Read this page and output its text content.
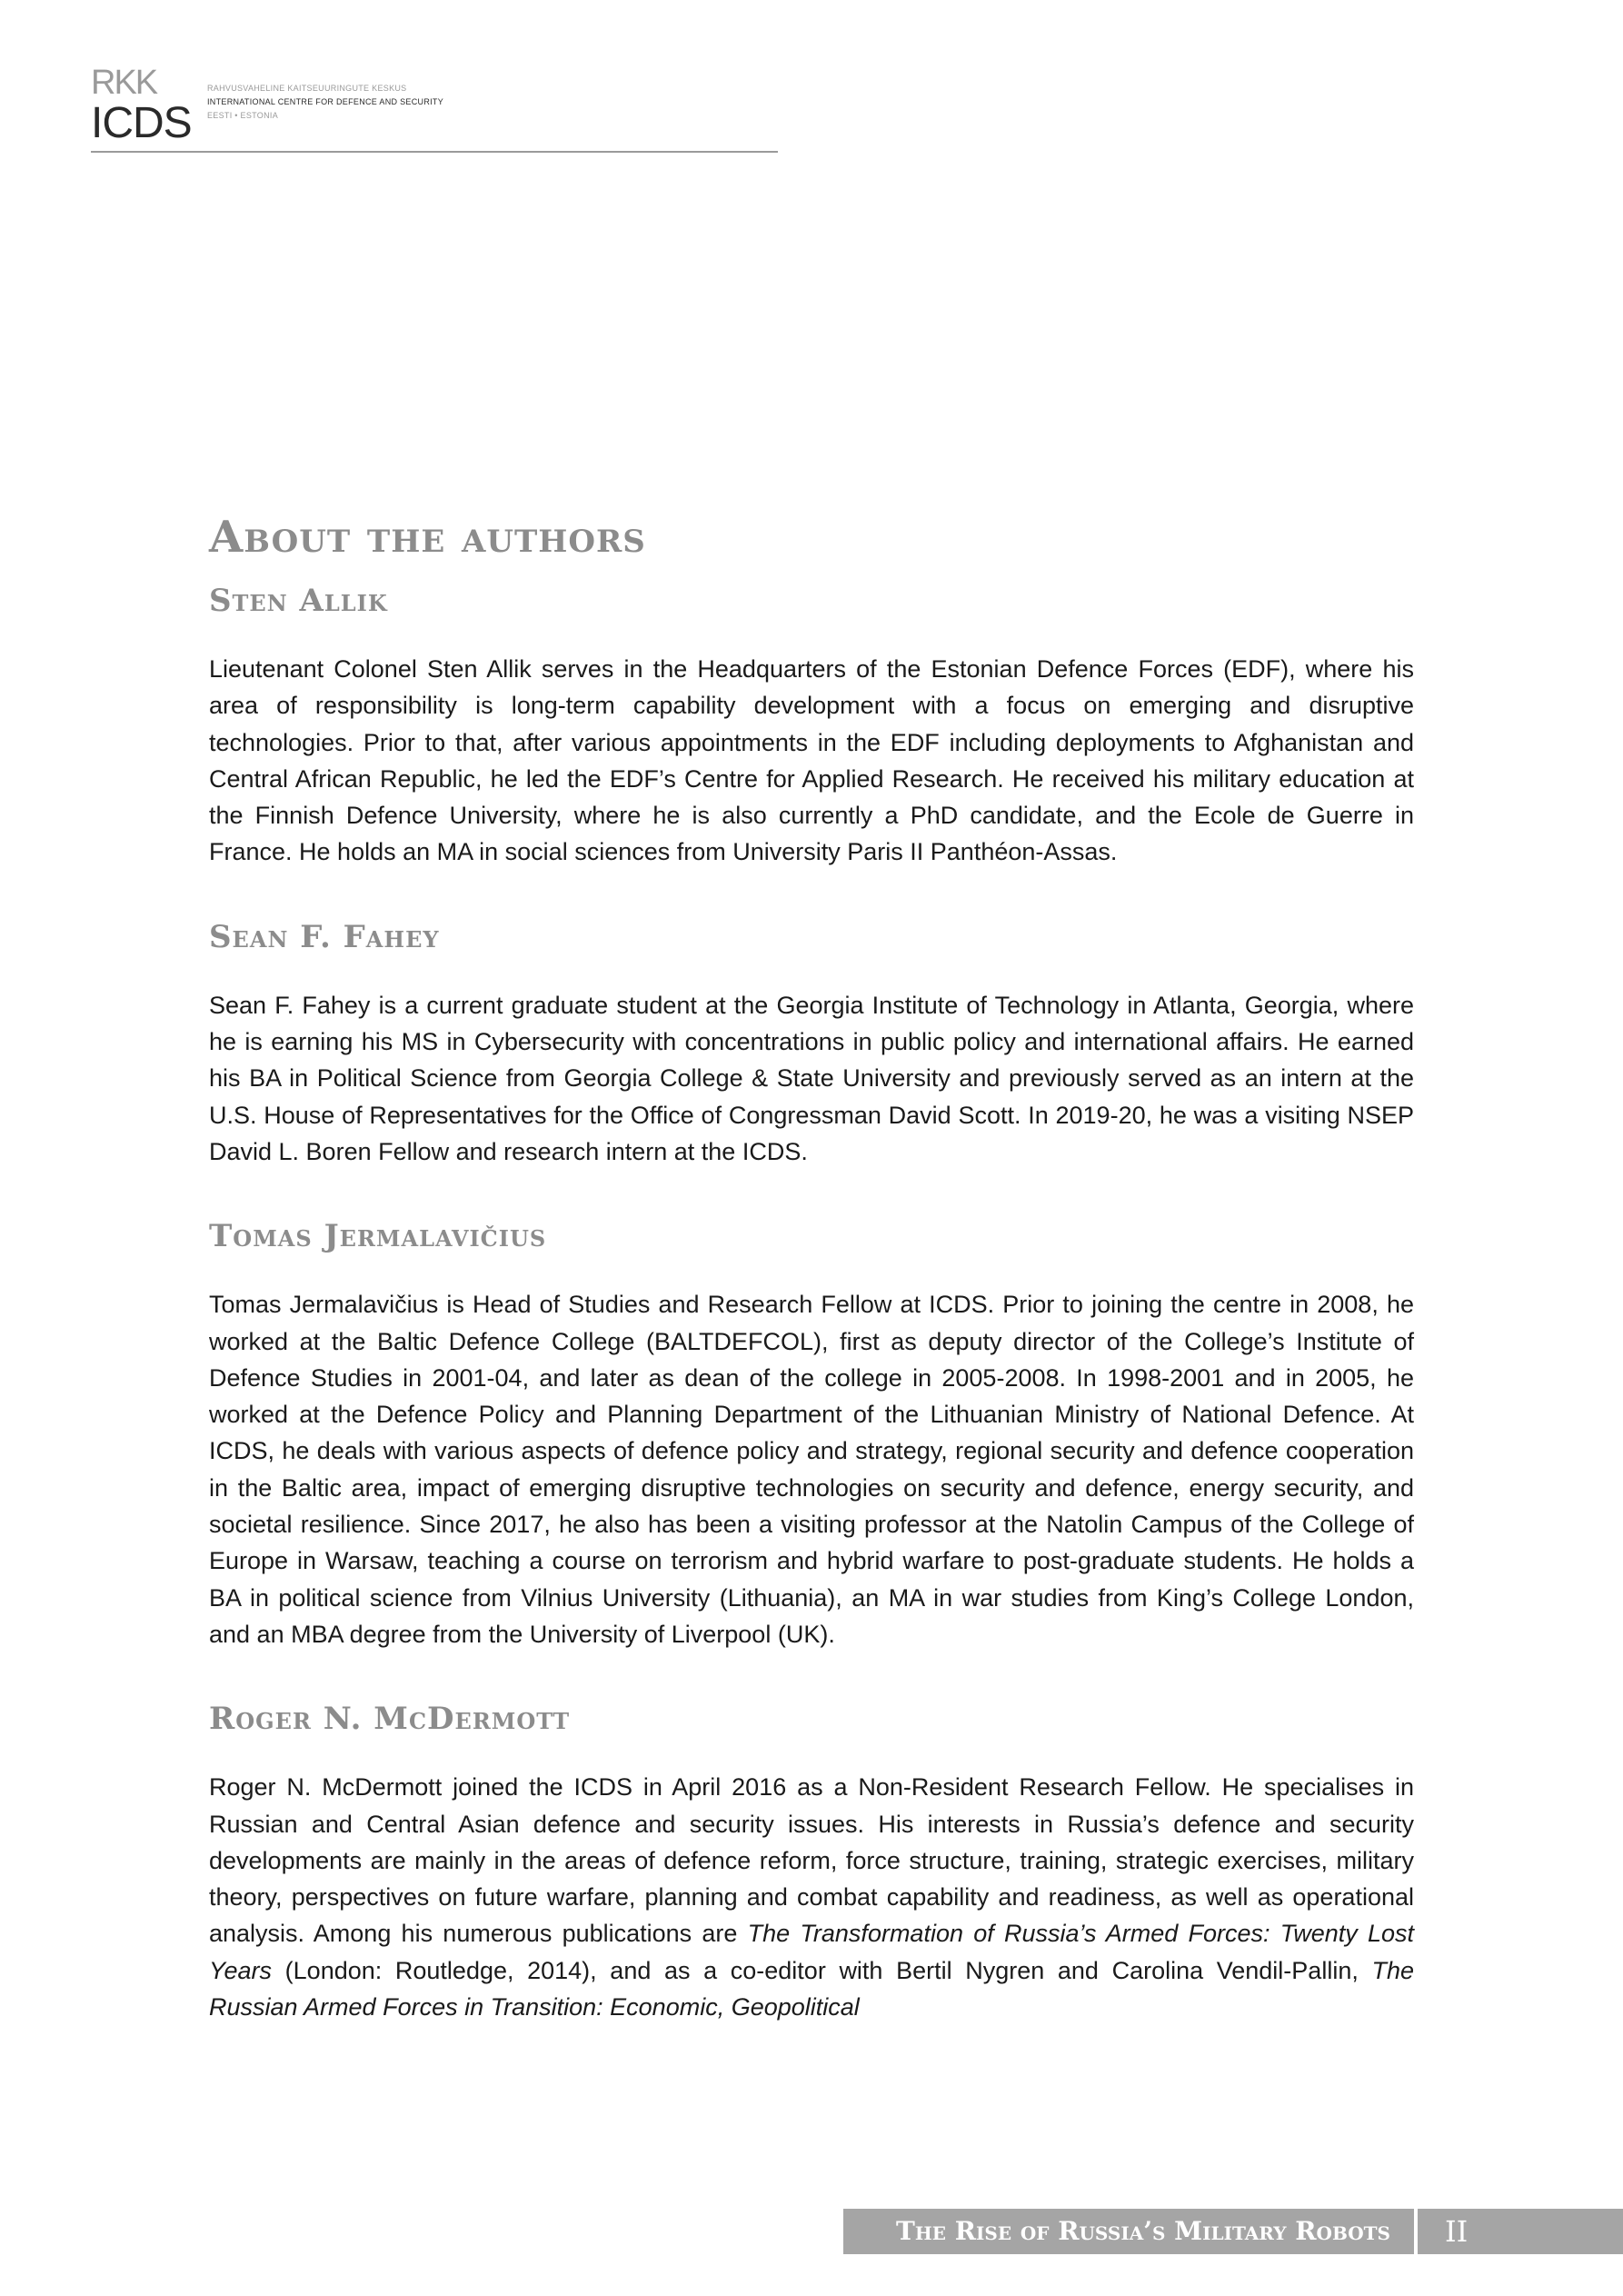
RKK
ICDS
RAHVUSVAHELINE KAITSEUURINGUTE KESKUS
INTERNATIONAL CENTRE FOR DEFENCE AND SECURITY
EESTI • ESTONIA
About the authors
Sten Allik

Lieutenant Colonel Sten Allik serves in the Headquarters of the Estonian Defence Forces (EDF), where his area of responsibility is long-term capability development with a focus on emerging and disruptive technologies. Prior to that, after various appointments in the EDF including deployments to Afghanistan and Central African Republic, he led the EDF’s Centre for Applied Research. He received his military education at the Finnish Defence University, where he is also currently a PhD candidate, and the Ecole de Guerre in France. He holds an MA in social sciences from University Paris II Panthéon-Assas.

Sean F. Fahey

Sean F. Fahey is a current graduate student at the Georgia Institute of Technology in Atlanta, Georgia, where he is earning his MS in Cybersecurity with concentrations in public policy and international affairs. He earned his BA in Political Science from Georgia College & State University and previously served as an intern at the U.S. House of Representatives for the Office of Congressman David Scott. In 2019-20, he was a visiting NSEP David L. Boren Fellow and research intern at the ICDS.

Tomas Jermalavičius

Tomas Jermalavičius is Head of Studies and Research Fellow at ICDS. Prior to joining the centre in 2008, he worked at the Baltic Defence College (BALTDEFCOL), first as deputy director of the College’s Institute of Defence Studies in 2001-04, and later as dean of the college in 2005-2008. In 1998-2001 and in 2005, he worked at the Defence Policy and Planning Department of the Lithuanian Ministry of National Defence. At ICDS, he deals with various aspects of defence policy and strategy, regional security and defence cooperation in the Baltic area, impact of emerging disruptive technologies on security and defence, energy security, and societal resilience. Since 2017, he also has been a visiting professor at the Natolin Campus of the College of Europe in Warsaw, teaching a course on terrorism and hybrid warfare to post-graduate students. He holds a BA in political science from Vilnius University (Lithuania), an MA in war studies from King’s College London, and an MBA degree from the University of Liverpool (UK).

Roger N. McDermott

Roger N. McDermott joined the ICDS in April 2016 as a Non-Resident Research Fellow. He specialises in Russian and Central Asian defence and security issues. His interests in Russia’s defence and security developments are mainly in the areas of defence reform, force structure, training, strategic exercises, military theory, perspectives on future warfare, planning and combat capability and readiness, as well as operational analysis. Among his numerous publications are The Transformation of Russia’s Armed Forces: Twenty Lost Years (London: Routledge, 2014), and as a co-editor with Bertil Nygren and Carolina Vendil-Pallin, The Russian Armed Forces in Transition: Economic, Geopolitical

The Rise of Russia’s Military Robots	II
